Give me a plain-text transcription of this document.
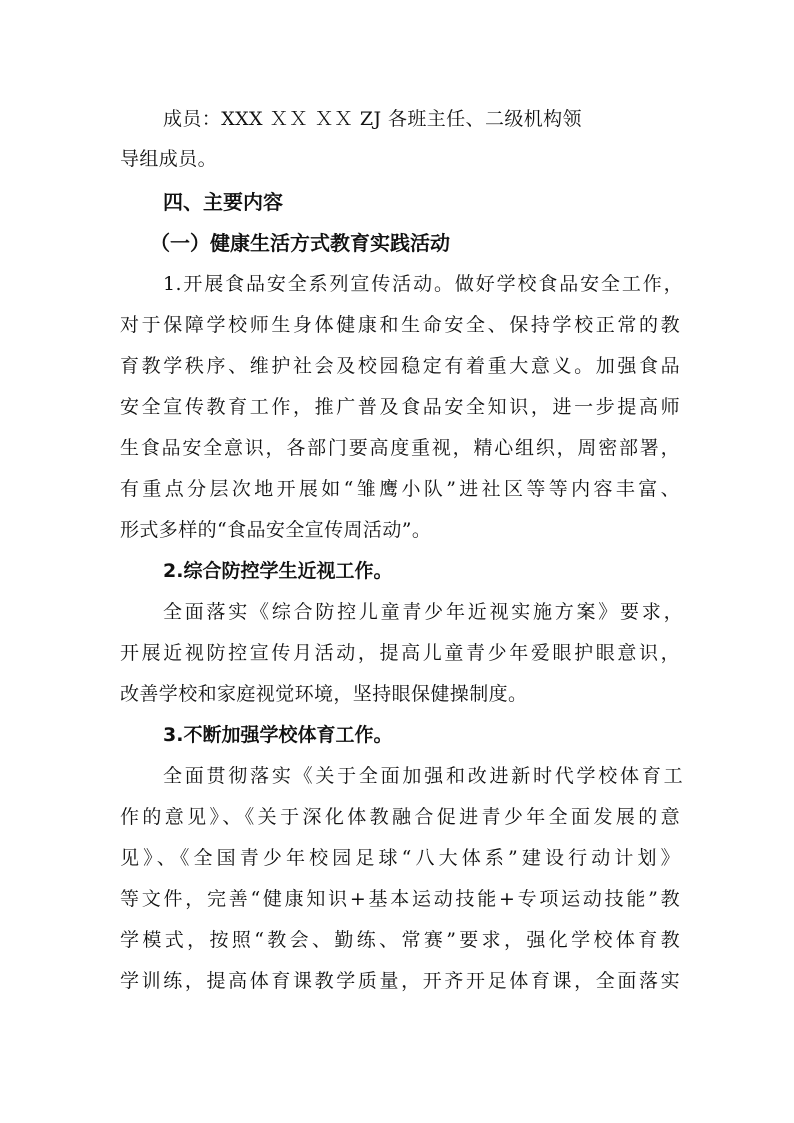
成员：XXX ＸＸ ＸＸ ZJ 各班主任、二级机构领
导组成员。
四、主要内容
（一）健康生活方式教育实践活动
1.开展食品安全系列宣传活动。做好学校食品安全工作，
对于保障学校师生身体健康和生命安全、保持学校正常的教
育教学秩序、维护社会及校园稳定有着重大意义。加强食品
安全宣传教育工作，推广普及食品安全知识，进一步提高师
生食品安全意识，各部门要高度重视，精心组织，周密部署，
有重点分层次地开展如“雏鹰小队”进社区等等内容丰富、
形式多样的“食品安全宣传周活动”。
2.综合防控学生近视工作。
全面落实《综合防控儿童青少年近视实施方案》要求，
开展近视防控宣传月活动，提高儿童青少年爱眼护眼意识，
改善学校和家庭视觉环境，坚持眼保健操制度。
3.不断加强学校体育工作。
全面贯彻落实《关于全面加强和改进新时代学校体育工
作的意见》、《关于深化体教融合促进青少年全面发展的意
见》、《全国青少年校园足球“八大体系”建设行动计划》
等文件，完善“健康知识+基本运动技能+专项运动技能”教
学模式，按照“教会、勤练、常赛”要求，强化学校体育教
学训练，提高体育课教学质量，开齐开足体育课，全面落实
